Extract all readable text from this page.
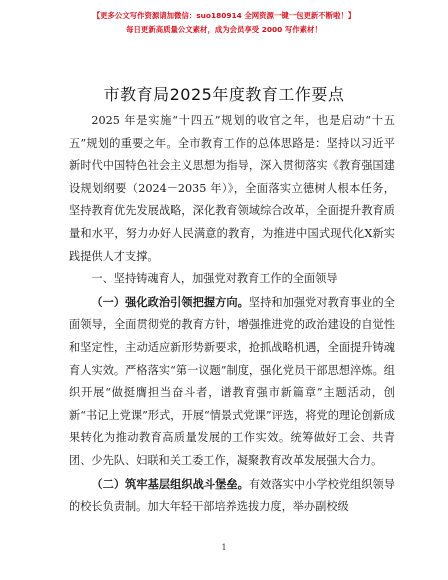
【更多公文写作资源请加微信：suo180914 全网资源一键一包更新不断啦！】
每日更新高质量公文素材，成为会员享受 2000 写作素材！
市教育局2025年度教育工作要点

2025 年是实施“十四五”规划的收官之年，也是启动“十五五”规划的重要之年。全市教育工作的总体思路是：坚持以习近平新时代中国特色社会主义思想为指导，深入贯彻落实《教育强国建设规划纲要（2024－2035 年）》，全面落实立德树人根本任务，坚持教育优先发展战略，深化教育领域综合改革，全面提升教育质量和水平，努力办好人民满意的教育，为推进中国式现代化Ⅹ新实践提供人才支撑。

一、坚持铸魂育人，加强党对教育工作的全面领导

（一）强化政治引领把握方向。坚持和加强党对教育事业的全面领导，全面贯彻党的教育方针，增强推进党的政治建设的自觉性和坚定性，主动适应新形势新要求，抢抓战略机遇，全面提升铸魂育人实效。严格落实“第一议题”制度，强化党员干部思想淬炼。组织开展“做挺膺担当奋斗者，谱教育强市新篇章”主题活动，创新“书记上党课”形式，开展“情景式党课”评选，将党的理论创新成果转化为推动教育高质量发展的工作实效。统筹做好工会、共青团、少先队、妇联和关工委工作，凝聚教育改革发展强大合力。

（二）筑牢基层组织战斗堡垒。有效落实中小学校党组织领导的校长负责制。加大年轻干部培养选拔力度，举办副校级

1
